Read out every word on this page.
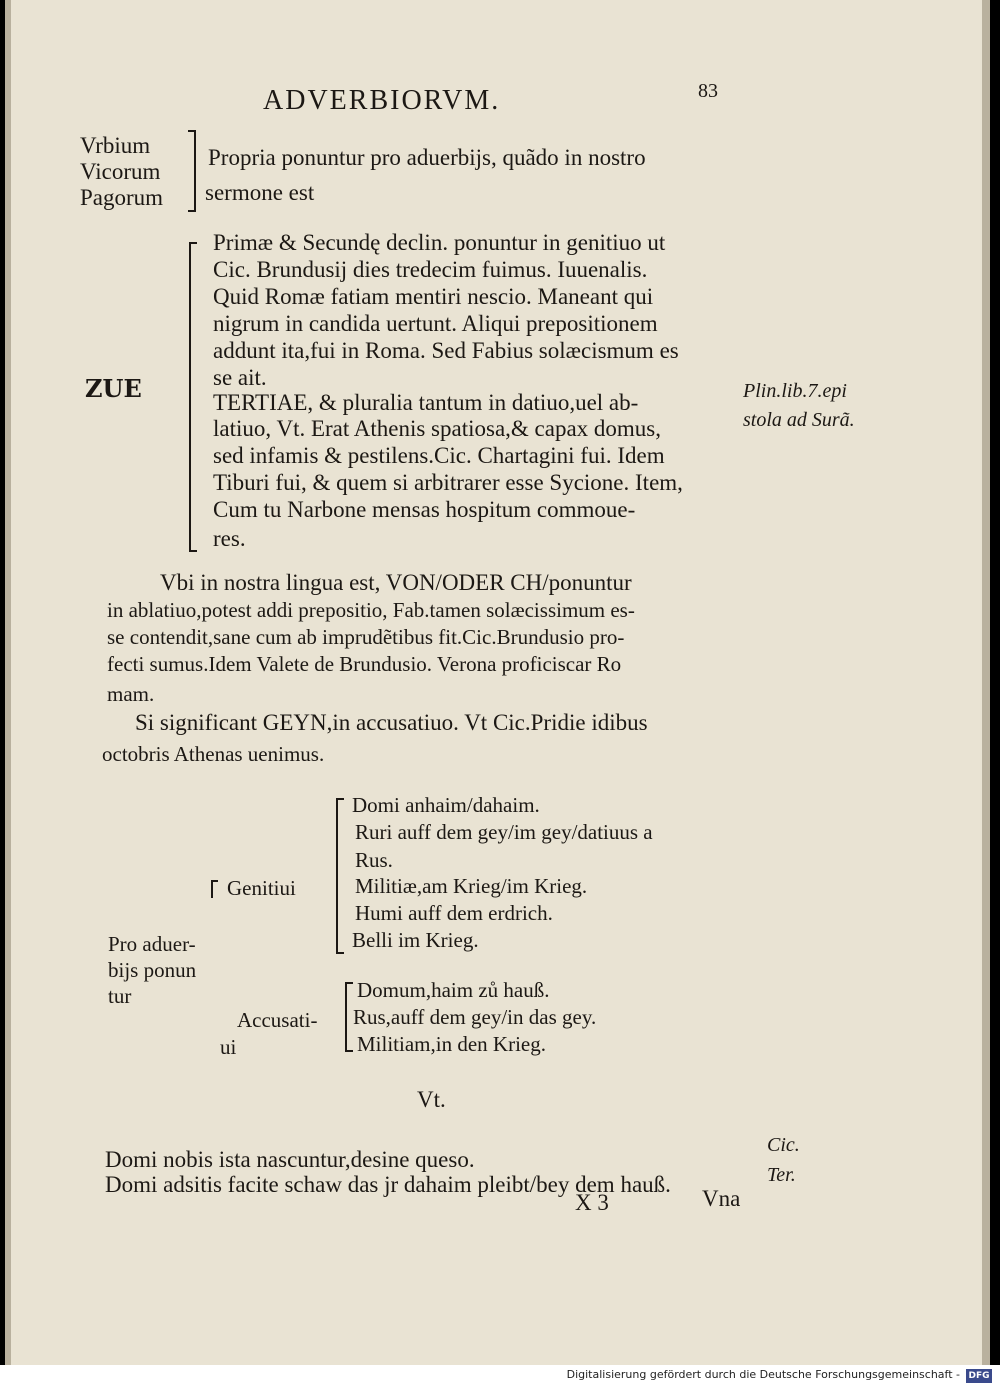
ADVERBIORVM.	83
Vrbium
Vicorum
Pagorum
Propria ponuntur pro aduerbijs, quãdo in nostro
sermone est
ZUE
Primæ & Secundę declin. ponuntur in genitiuo ut
Cic. Brundusij dies tredecim fuimus. Iuuenalis.
Quid Romæ fatiam mentiri nescio. Maneant qui
nigrum in candida uertunt. Aliqui prepositionem
addunt ita,fui in Roma. Sed Fabius solæcismum es
se ait.
TERTIAE, & pluralia tantum in datiuo,uel ab-
latiuo, Vt. Erat Athenis spatiosa,& capax domus,
sed infamis & pestilens.Cic. Chartagini fui. Idem
Tiburi fui, & quem si arbitrarer esse Sycione. Item,
Cum tu Narbone mensas hospitum commoue-
res.
Plin.lib.7.epi
stola ad Surã.
Vbi in nostra lingua est, VON/ODER CH/ponuntur
in ablatiuo,potest addi prepositio, Fab.tamen solæcissimum es-
se contendit,sane cum ab imprudẽtibus fit.Cic.Brundusio pro-
fecti sumus.Idem Valete de Brundusio. Verona proficiscar Ro
mam.
Si significant GEYN,in accusatiuo. Vt Cic.Pridie idibus
octobris Athenas uenimus.
Pro aduer-
bijs ponun
tur
Genitiui
Domi anhaim/dahaim.
Ruri auff dem gey/im gey/datiuus a
Rus.
Militiæ,am Krieg/im Krieg.
Humi auff dem erdrich.
Belli im Krieg.
Accusati-
ui
Domum,haim zů hauß.
Rus,auff dem gey/in das gey.
Militiam,in den Krieg.
Vt.
Domi nobis ista nascuntur,desine queso.
Domi adsitis facite schaw das jr dahaim pleibt/bey dem hauß.
Cic.
Ter.
X 3	Vna
Digitalisierung gefördert durch die Deutsche Forschungsgemeinschaft - DFG
